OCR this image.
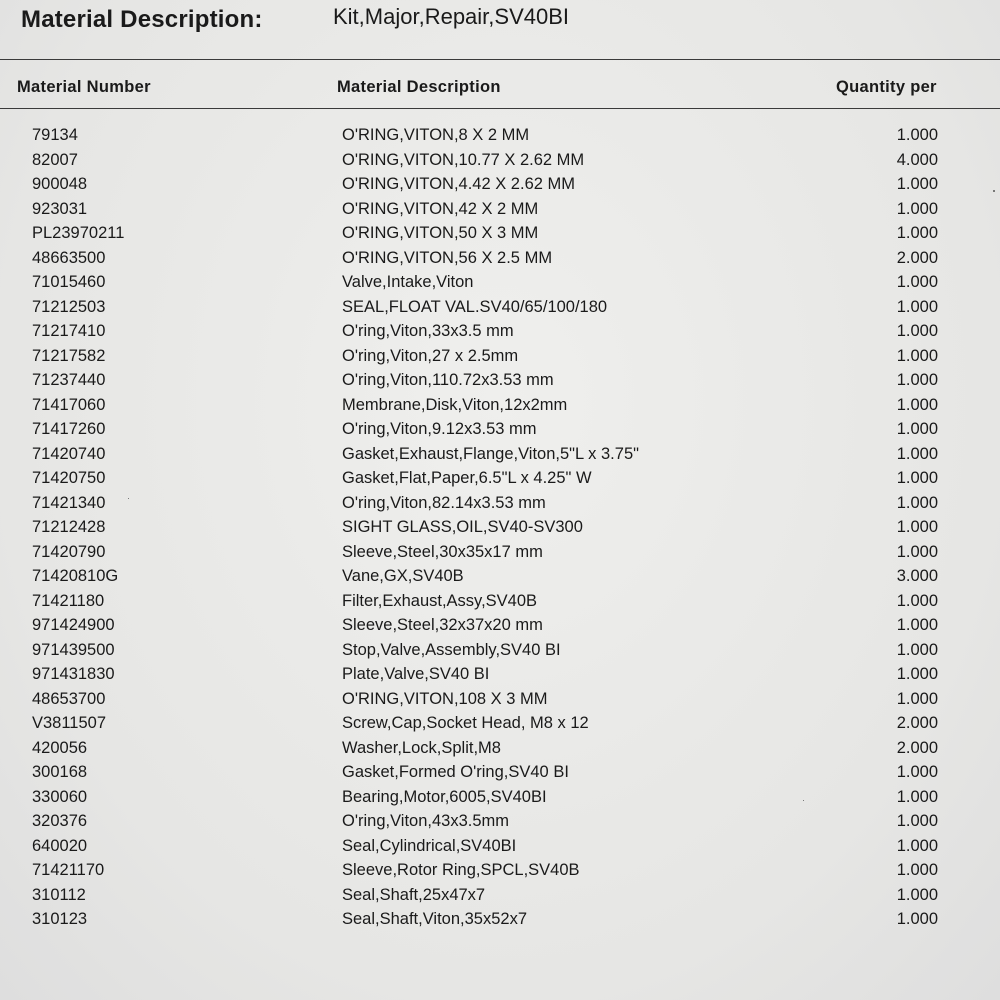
Material Description:	Kit,Major,Repair,SV40BI
Material Number	Material Description	Quantity per
79134	O'RING,VITON,8 X 2 MM	1.000
82007	O'RING,VITON,10.77 X 2.62 MM	4.000
900048	O'RING,VITON,4.42 X 2.62 MM	1.000
923031	O'RING,VITON,42 X 2 MM	1.000
PL23970211	O'RING,VITON,50 X 3 MM	1.000
48663500	O'RING,VITON,56 X 2.5 MM	2.000
71015460	Valve,Intake,Viton	1.000
71212503	SEAL,FLOAT VAL.SV40/65/100/180	1.000
71217410	O'ring,Viton,33x3.5 mm	1.000
71217582	O'ring,Viton,27 x 2.5mm	1.000
71237440	O'ring,Viton,110.72x3.53 mm	1.000
71417060	Membrane,Disk,Viton,12x2mm	1.000
71417260	O'ring,Viton,9.12x3.53 mm	1.000
71420740	Gasket,Exhaust,Flange,Viton,5"L x 3.75"	1.000
71420750	Gasket,Flat,Paper,6.5"L x 4.25" W	1.000
71421340	O'ring,Viton,82.14x3.53 mm	1.000
71212428	SIGHT GLASS,OIL,SV40-SV300	1.000
71420790	Sleeve,Steel,30x35x17 mm	1.000
71420810G	Vane,GX,SV40B	3.000
71421180	Filter,Exhaust,Assy,SV40B	1.000
971424900	Sleeve,Steel,32x37x20 mm	1.000
971439500	Stop,Valve,Assembly,SV40 BI	1.000
971431830	Plate,Valve,SV40 BI	1.000
48653700	O'RING,VITON,108 X 3 MM	1.000
V3811507	Screw,Cap,Socket Head, M8 x 12	2.000
420056	Washer,Lock,Split,M8	2.000
300168	Gasket,Formed O'ring,SV40 BI	1.000
330060	Bearing,Motor,6005,SV40BI	1.000
320376	O'ring,Viton,43x3.5mm	1.000
640020	Seal,Cylindrical,SV40BI	1.000
71421170	Sleeve,Rotor Ring,SPCL,SV40B	1.000
310112	Seal,Shaft,25x47x7	1.000
310123	Seal,Shaft,Viton,35x52x7	1.000
